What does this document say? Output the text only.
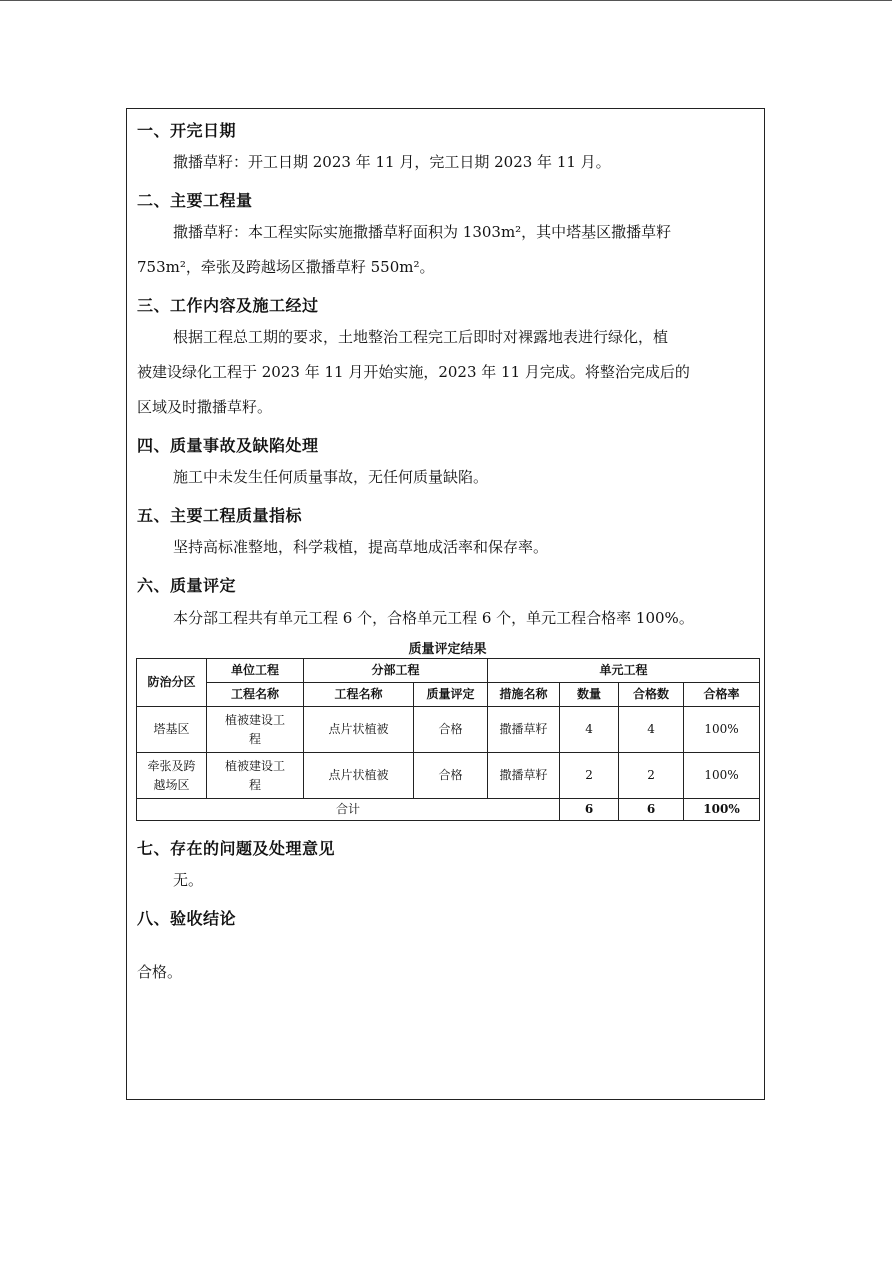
一、开完日期
撒播草籽：开工日期 2023 年 11 月，完工日期 2023 年 11 月。
二、主要工程量
撒播草籽：本工程实际实施撒播草籽面积为 1303m²，其中塔基区撒播草籽
753m²，牵张及跨越场区撒播草籽 550m²。
三、工作内容及施工经过
根据工程总工期的要求，土地整治工程完工后即时对裸露地表进行绿化，植
被建设绿化工程于 2023 年 11 月开始实施，2023 年 11 月完成。将整治完成后的
区域及时撒播草籽。
四、质量事故及缺陷处理
施工中未发生任何质量事故，无任何质量缺陷。
五、主要工程质量指标
坚持高标准整地，科学栽植，提高草地成活率和保存率。
六、质量评定
本分部工程共有单元工程 6 个，合格单元工程 6 个，单元工程合格率 100%。
质量评定结果
防治分区	单位工程	分部工程		单元工程			
	工程名称	工程名称	质量评定	措施名称	数量	合格数	合格率
塔基区	植被建设工
程	点片状植被	合格	撒播草籽	4	4	100%
牵张及跨
越场区	植被建设工
程	点片状植被	合格	撒播草籽	2	2	100%
合计					6	6	100%
七、存在的问题及处理意见
无。
八、验收结论
合格。
